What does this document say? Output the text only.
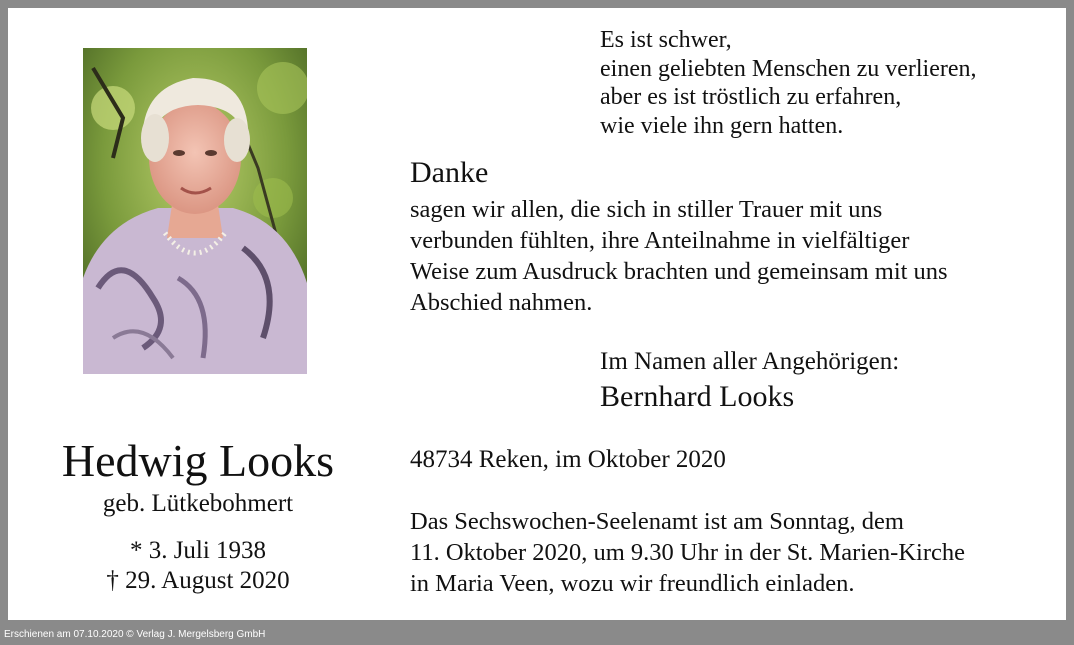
Hedwig Looks
geb. Lütkebohmert
* 3. Juli 1938
† 29. August 2020
Es ist schwer,
einen geliebten Menschen zu verlieren,
aber es ist tröstlich zu erfahren,
wie viele ihn gern hatten.
Danke
sagen wir allen, die sich in stiller Trauer mit uns
verbunden fühlten, ihre Anteilnahme in vielfältiger
Weise zum Ausdruck brachten und gemeinsam mit uns
Abschied nahmen.
Im Namen aller Angehörigen:
Bernhard Looks
48734 Reken, im Oktober 2020
Das Sechswochen-Seelenamt ist am Sonntag, dem
11. Oktober 2020, um 9.30 Uhr in der St. Marien-Kirche
in Maria Veen, wozu wir freundlich einladen.
Erschienen am 07.10.2020 © Verlag J. Mergelsberg GmbH
